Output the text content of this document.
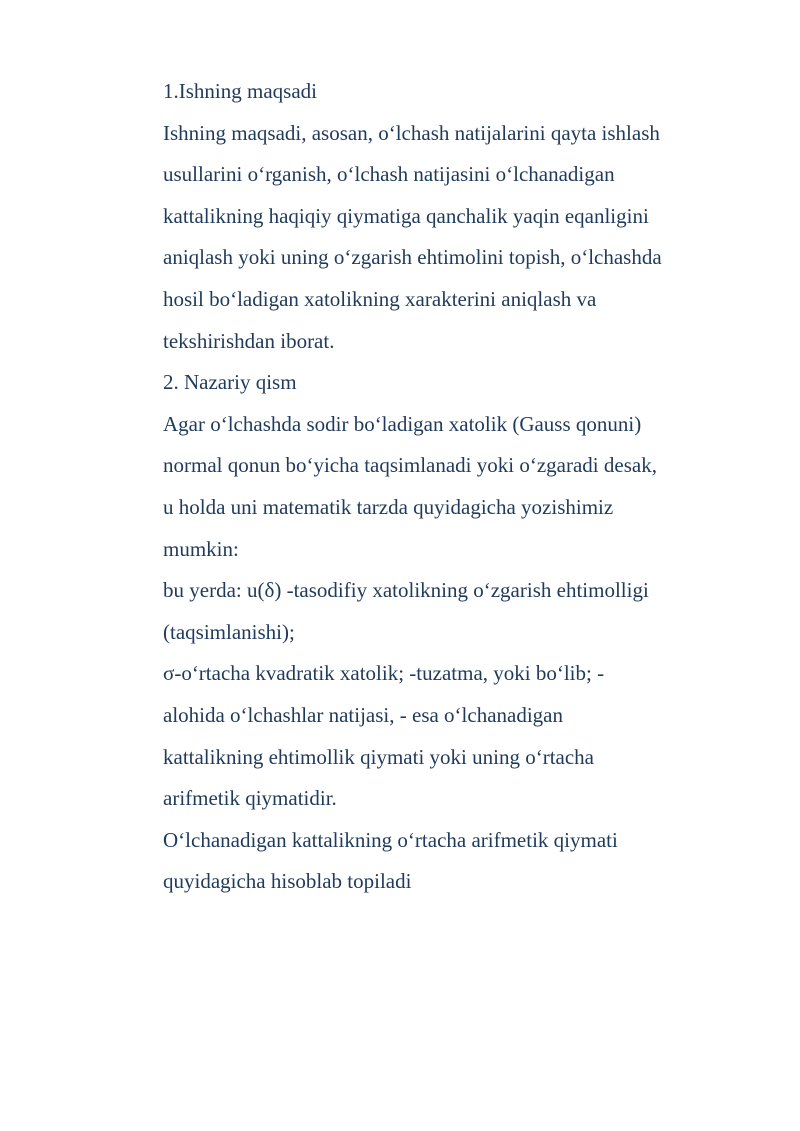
1.Ishning maqsadi
Ishning maqsadi, asosan, oʻlchash natijalarini qayta ishlash
usullarini oʻrganish, oʻlchash natijasini oʻlchanadigan
kattalikning haqiqiy qiymatiga qanchalik yaqin eqanligini
aniqlash yoki uning oʻzgarish ehtimolini topish, oʻlchashda
hosil boʻladigan xatolikning xarakterini aniqlash va
tekshirishdan iborat.
2. Nazariy qism
Agar oʻlchashda sodir boʻladigan xatolik (Gauss qonuni)
normal qonun boʻyicha taqsimlanadi yoki oʻzgaradi desak,
u holda uni matematik tarzda quyidagicha yozishimiz
mumkin:
bu yerda: u(δ) -tasodifiy xatolikning oʻzgarish ehtimolligi
(taqsimlanishi);
σ-oʻrtacha kvadratik xatolik; -tuzatma, yoki boʻlib; -
alohida oʻlchashlar natijasi, - esa oʻlchanadigan
kattalikning ehtimollik qiymati yoki uning oʻrtacha
arifmetik qiymatidir.
Oʻlchanadigan kattalikning oʻrtacha arifmetik qiymati
quyidagicha hisoblab topiladi
